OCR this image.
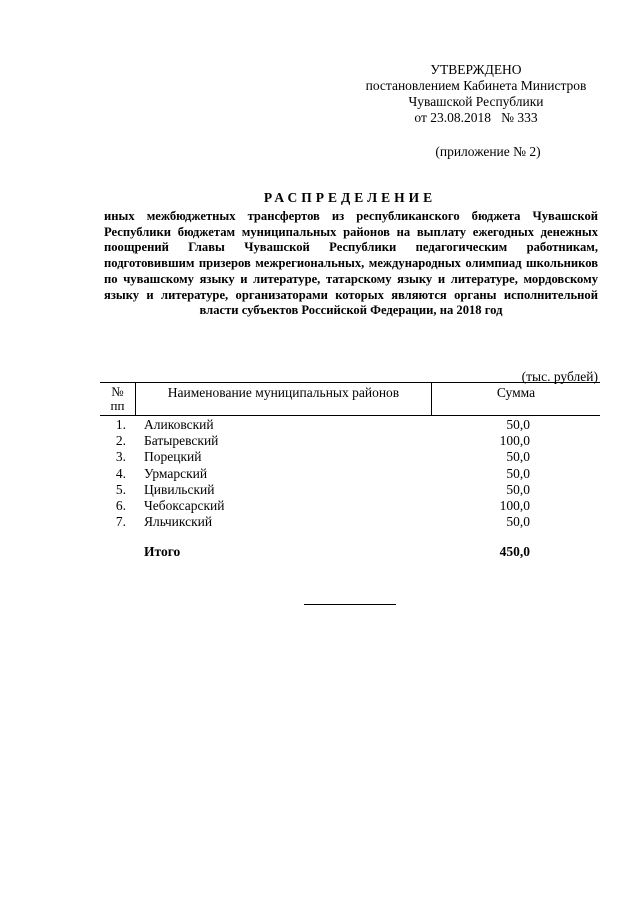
УТВЕРЖДЕНО
постановлением Кабинета Министров
Чувашской Республики
от 23.08.2018   № 333
(приложение № 2)
РАСПРЕДЕЛЕНИЕ
иных межбюджетных трансфертов из республиканского бюджета Чувашской Республики бюджетам муниципальных районов на выплату ежегодных денежных поощрений Главы Чувашской Республики педагогическим работникам, подготовившим призеров межрегиональных, международных олимпиад школьников по чувашскому языку и литературе, татарскому языку и литературе, мордовскому языку и литературе, организаторами которых являются органы исполнительной власти субъектов Российской Федерации, на 2018 год
(тыс. рублей)
№
пп
Наименование муниципальных районов	Сумма
1. Аликовский	50,0
2. Батыревский	100,0
3. Порецкий	50,0
4. Урмарский	50,0
5. Цивильский	50,0
6. Чебоксарский	100,0
7. Яльчикский	50,0
Итого	450,0
